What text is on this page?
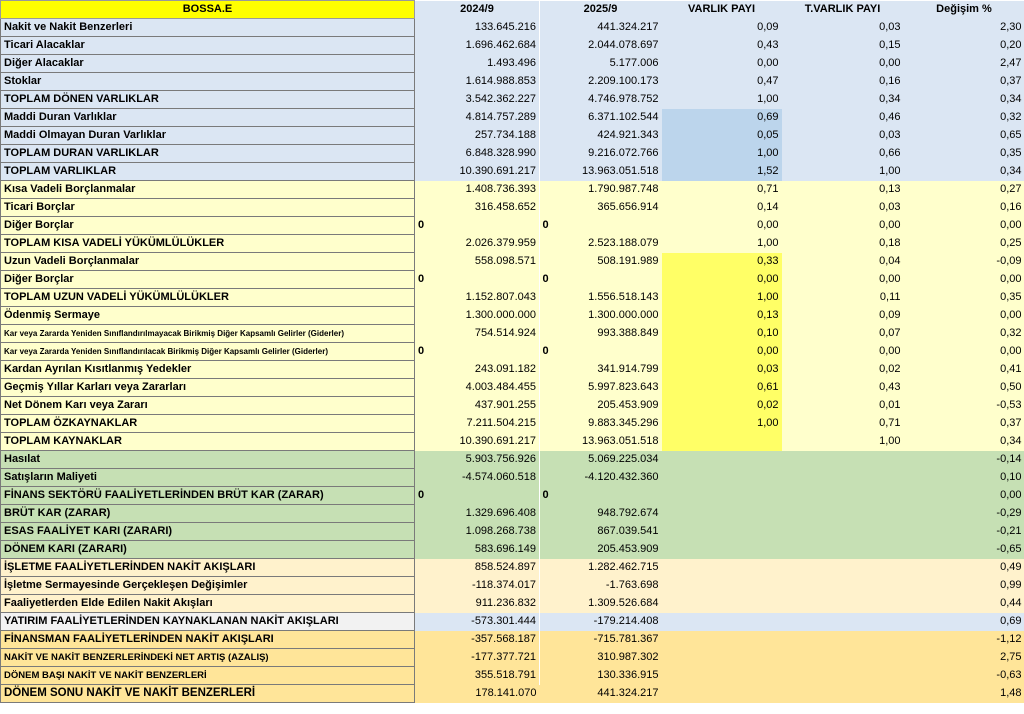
BOSSA.E	2024/9	2025/9	VARLIK PAYI	T.VARLIK PAYI	Değişim %
Nakit ve Nakit Benzerleri	133.645.216	441.324.217	0,09	0,03	2,30
Ticari Alacaklar	1.696.462.684	2.044.078.697	0,43	0,15	0,20
Diğer Alacaklar	1.493.496	5.177.006	0,00	0,00	2,47
Stoklar	1.614.988.853	2.209.100.173	0,47	0,16	0,37
TOPLAM DÖNEN VARLIKLAR	3.542.362.227	4.746.978.752	1,00	0,34	0,34
Maddi Duran Varlıklar	4.814.757.289	6.371.102.544	0,69	0,46	0,32
Maddi Olmayan Duran Varlıklar	257.734.188	424.921.343	0,05	0,03	0,65
TOPLAM DURAN VARLIKLAR	6.848.328.990	9.216.072.766	1,00	0,66	0,35
TOPLAM VARLIKLAR	10.390.691.217	13.963.051.518	1,52	1,00	0,34
Kısa Vadeli Borçlanmalar	1.408.736.393	1.790.987.748	0,71	0,13	0,27
Ticari Borçlar	316.458.652	365.656.914	0,14	0,03	0,16
Diğer Borçlar	0	0	0,00	0,00	0,00
TOPLAM KISA VADELİ YÜKÜMLÜLÜKLER	2.026.379.959	2.523.188.079	1,00	0,18	0,25
Uzun Vadeli Borçlanmalar	558.098.571	508.191.989	0,33	0,04	-0,09
Diğer Borçlar	0	0	0,00	0,00	0,00
TOPLAM UZUN VADELİ YÜKÜMLÜLÜKLER	1.152.807.043	1.556.518.143	1,00	0,11	0,35
Ödenmiş Sermaye	1.300.000.000	1.300.000.000	0,13	0,09	0,00
Kar veya Zararda Yeniden Sınıflandırılmayacak Birikmiş Diğer Kapsamlı Gelirler (Giderler)	754.514.924	993.388.849	0,10	0,07	0,32
Kar veya Zararda Yeniden Sınıflandırılacak Birikmiş Diğer Kapsamlı Gelirler (Giderler)	0	0	0,00	0,00	0,00
Kardan Ayrılan Kısıtlanmış Yedekler	243.091.182	341.914.799	0,03	0,02	0,41
Geçmiş Yıllar Karları veya Zararları	4.003.484.455	5.997.823.643	0,61	0,43	0,50
Net Dönem Karı veya Zararı	437.901.255	205.453.909	0,02	0,01	-0,53
TOPLAM ÖZKAYNAKLAR	7.211.504.215	9.883.345.296	1,00	0,71	0,37
TOPLAM KAYNAKLAR	10.390.691.217	13.963.051.518		1,00	0,34
Hasılat	5.903.756.926	5.069.225.034			-0,14
Satışların Maliyeti	-4.574.060.518	-4.120.432.360			0,10
FİNANS SEKTÖRÜ FAALİYETLERİNDEN BRÜT KAR (ZARAR)	0	0			0,00
BRÜT KAR (ZARAR)	1.329.696.408	948.792.674			-0,29
ESAS FAALİYET KARI (ZARARI)	1.098.268.738	867.039.541			-0,21
DÖNEM KARI (ZARARI)	583.696.149	205.453.909			-0,65
İŞLETME FAALİYETLERİNDEN NAKİT AKIŞLARI	858.524.897	1.282.462.715			0,49
İşletme Sermayesinde Gerçekleşen Değişimler	-118.374.017	-1.763.698			0,99
Faaliyetlerden Elde Edilen Nakit Akışları	911.236.832	1.309.526.684			0,44
YATIRIM FAALİYETLERİNDEN KAYNAKLANAN NAKİT AKIŞLARI	-573.301.444	-179.214.408			0,69
FİNANSMAN FAALİYETLERİNDEN NAKİT AKIŞLARI	-357.568.187	-715.781.367			-1,12
NAKİT VE NAKİT BENZERLERİNDEKİ NET ARTIŞ (AZALIŞ)	-177.377.721	310.987.302			2,75
DÖNEM BAŞI NAKİT VE NAKİT BENZERLERİ	355.518.791	130.336.915			-0,63
DÖNEM SONU NAKİT VE NAKİT BENZERLERİ	178.141.070	441.324.217			1,48
